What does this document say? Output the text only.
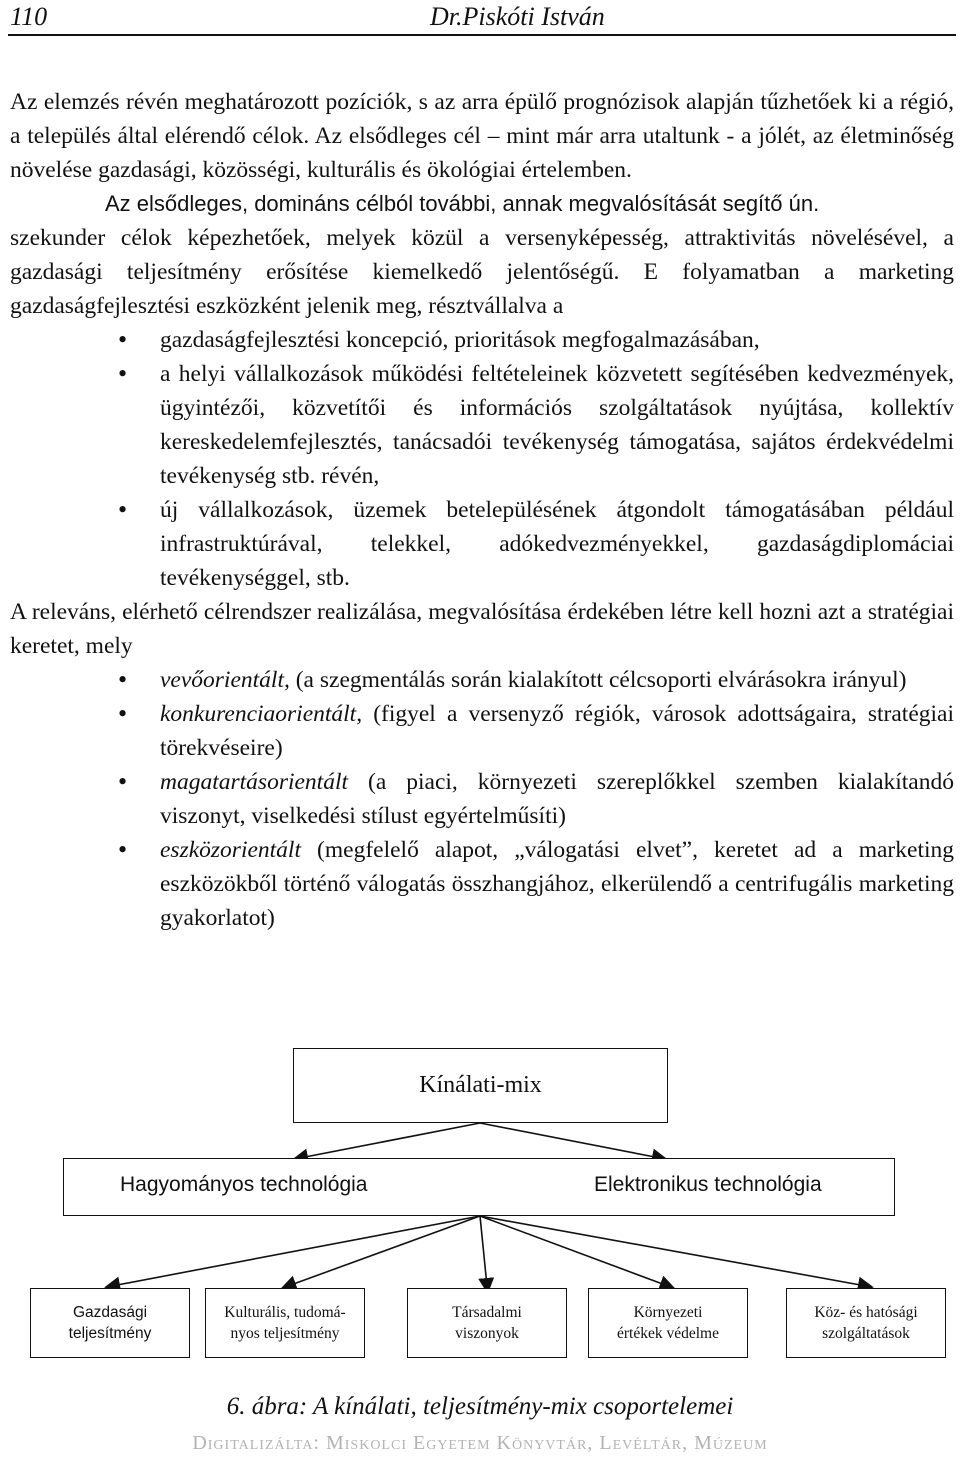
110	Dr.Piskóti István

Az elemzés révén meghatározott pozíciók, s az arra épülő prognózisok alapján tűzhetőek ki a régió, a település által elérendő célok. Az elsődleges cél – mint már arra utaltunk - a jólét, az életminőség növelése gazdasági, közösségi, kulturális és ökológiai értelemben.

Az elsődleges, domináns célból további, annak megvalósítását segítő ún.szekunder célok képezhetőek, melyek közül a versenyképesség, attraktivitás növelésével, a gazdasági teljesítmény erősítése kiemelkedő jelentőségű. E folyamatban a marketing gazdaságfejlesztési eszközként jelenik meg, résztvállalva a

• gazdaságfejlesztési koncepció, prioritások megfogalmazásában,
• a helyi vállalkozások működési feltételeinek közvetett segítésében kedvezmények, ügyintézői, közvetítői és információs szolgáltatások nyújtása, kollektív kereskedelemfejlesztés, tanácsadói tevékenység támogatása, sajátos érdekvédelmi tevékenység stb. révén,
• új vállalkozások, üzemek betelepülésének átgondolt támogatásában például infrastruktúrával, telekkel, adókedvezményekkel, gazdaságdiplomáciai tevékenységgel, stb.

A releváns, elérhető célrendszer realizálása, megvalósítása érdekében létre kell hozni azt a stratégiai keretet, mely

• vevőorientált, (a szegmentálás során kialakított célcsoporti elvárásokra irányul)
• konkurenciaorientált, (figyel a versenyző régiók, városok adottságaira, stratégiai törekvéseire)
• magatartásorientált (a piaci, környezeti szereplőkkel szemben kialakítandó viszonyt, viselkedési stílust egyértelműsíti)
• eszközorientált (megfelelő alapot, „válogatási elvet”, keretet ad a marketing eszközökből történő válogatás összhangjához, elkerülendő a centrifugális marketing gyakorlatot)
Kínálati-mix
Hagyományos technológia	Elektronikus technológia
Gazdasági
teljesítmény
Kulturális, tudomá-
nyos teljesítmény
Társadalmi
viszonyok
Környezeti
értékek védelme
Köz- és hatósági
szolgáltatások
6. ábra: A kínálati, teljesítmény-mix csoportelemei
Digitalizálta: Miskolci Egyetem Könyvtár, Levéltár, Múzeum
